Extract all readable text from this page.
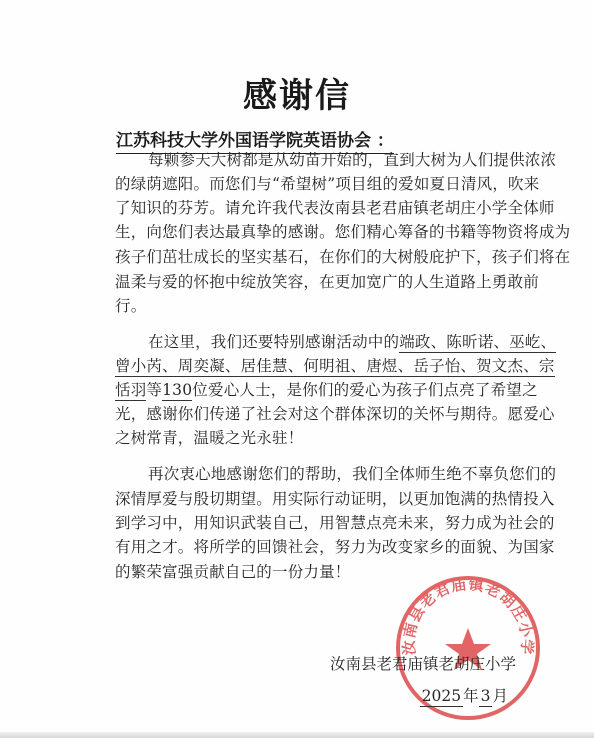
感谢信
江苏科技大学外国语学院英语协会 ：
每颗参天大树都是从幼苗开始的，直到大树为人们提供浓浓
的绿荫遮阳。而您们与“希望树”项目组的爱如夏日清风，吹来
了知识的芬芳。请允许我代表汝南县老君庙镇老胡庄小学全体师
生，向您们表达最真挚的感谢。您们精心筹备的书籍等物资将成为
孩子们茁壮成长的坚实基石，在你们的大树般庇护下，孩子们将在
温柔与爱的怀抱中绽放笑容，在更加宽广的人生道路上勇敢前
行。
在这里，我们还要特别感谢活动中的端政、陈昕诺、巫屹、
曾小芮、周奕凝、居佳慧、何明祖、唐煜、岳子怡、贺文杰、宗
恬羽等130位爱心人士，是你们的爱心为孩子们点亮了希望之
光，感谢你们传递了社会对这个群体深切的关怀与期待。愿爱心
之树常青，温暖之光永驻！
再次衷心地感谢您们的帮助，我们全体师生绝不辜负您们的
深情厚爱与殷切期望。用实际行动证明，以更加饱满的热情投入
到学习中，用知识武装自己，用智慧点亮未来，努力成为社会的
有用之才。将所学的回馈社会，努力为改变家乡的面貌、为国家
的繁荣富强贡献自己的一份力量！
汝南县老君庙镇老胡庄小学
汝南县老君庙镇老胡庄小学
2025 年 3 月
